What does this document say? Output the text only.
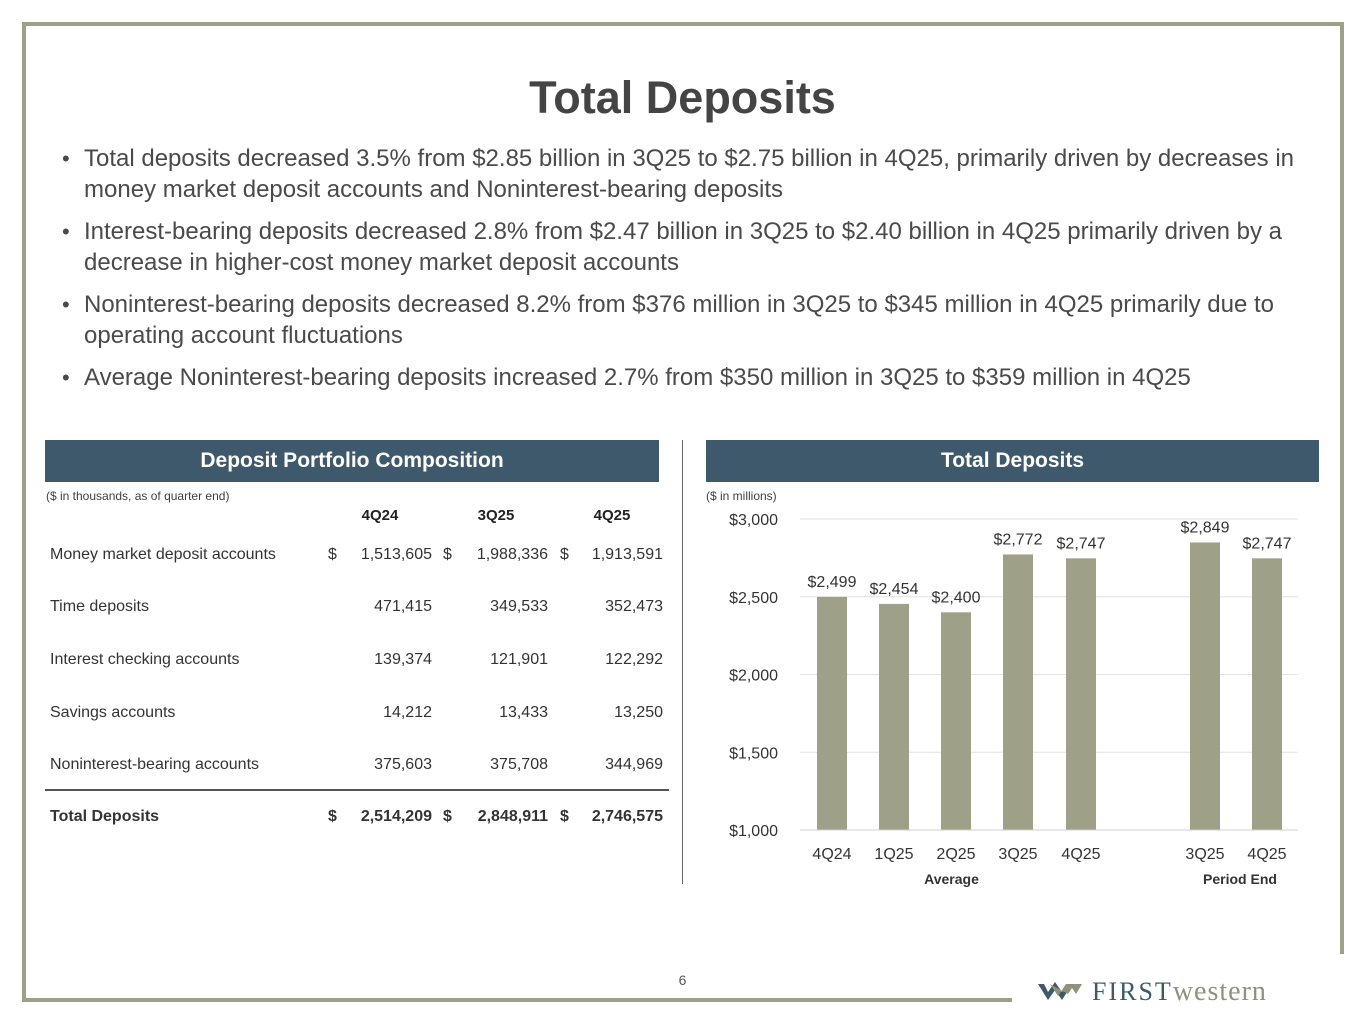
Total Deposits
• Total deposits decreased 3.5% from $2.85 billion in 3Q25 to $2.75 billion in 4Q25, primarily driven by decreases in money market deposit accounts and Noninterest-bearing deposits
• Interest-bearing deposits decreased 2.8% from $2.47 billion in 3Q25 to $2.40 billion in 4Q25 primarily driven by a decrease in higher-cost money market deposit accounts
• Noninterest-bearing deposits decreased 8.2% from $376 million in 3Q25 to $345 million in 4Q25 primarily due to operating account fluctuations
• Average Noninterest-bearing deposits increased 2.7% from $350 million in 3Q25 to $359 million in 4Q25
Deposit Portfolio Composition
($ in thousands, as of quarter end)
4Q24	3Q25	4Q25
Money market deposit accounts	$	1,513,605 $	1,988,336 $	1,913,591
Time deposits	471,415	349,533	352,473
Interest checking accounts	139,374	121,901	122,292
Savings accounts	14,212	13,433	13,250
Noninterest-bearing accounts	375,603	375,708	344,969
Total Deposits	$	2,514,209 $	2,848,911 $	2,746,575
Total Deposits
($ in millions)
$1,000
$1,500
$2,000
$2,500
$3,000
$2,499
4Q24
$2,454
1Q25
$2,400
2Q25
$2,772
3Q25
$2,747
4Q25
Average
$2,849
3Q25
$2,747
4Q25
Period End
6	FIRSTwestern
